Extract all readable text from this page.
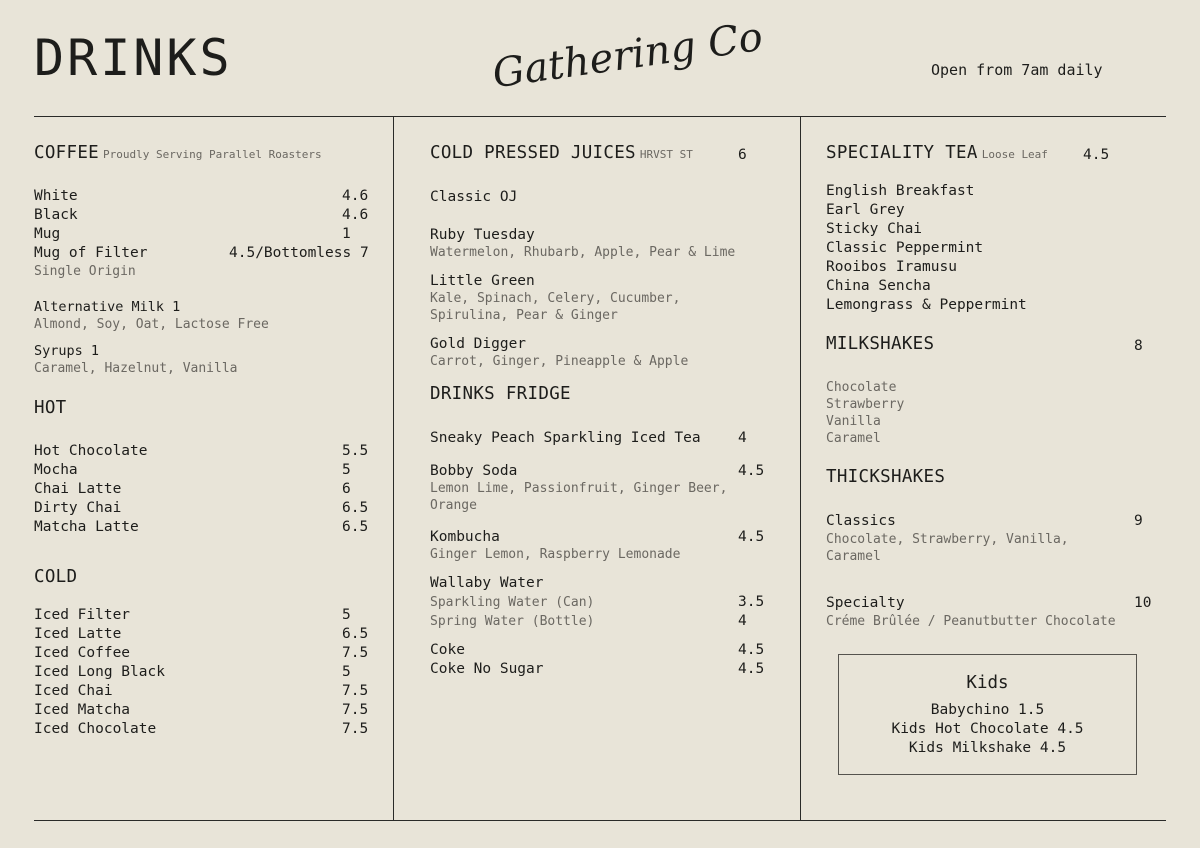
DRINKS	Gathering Co	Open from 7am daily
COFFEE Proudly Serving Parallel Roasters
White	4.6
Black	4.6
Mug	1
Mug of Filter	4.5/Bottomless 7
Single Origin
Alternative Milk 1
Almond, Soy, Oat, Lactose Free
Syrups 1
Caramel, Hazelnut, Vanilla
HOT
Hot Chocolate	5.5
Mocha	5
Chai Latte	6
Dirty Chai	6.5
Matcha Latte	6.5
COLD
Iced Filter	5
Iced Latte	6.5
Iced Coffee	7.5
Iced Long Black	5
Iced Chai	7.5
Iced Matcha	7.5
Iced Chocolate	7.5
COLD PRESSED JUICES HRVST ST	6
Classic OJ
Ruby Tuesday
Watermelon, Rhubarb, Apple, Pear & Lime
Little Green
Kale, Spinach, Celery, Cucumber,
Spirulina, Pear & Ginger
Gold Digger
Carrot, Ginger, Pineapple & Apple
DRINKS FRIDGE
Sneaky Peach Sparkling Iced Tea	4
Bobby Soda	4.5
Lemon Lime, Passionfruit, Ginger Beer,
Orange
Kombucha	4.5
Ginger Lemon, Raspberry Lemonade
Wallaby Water
Sparkling Water (Can)	3.5
Spring Water (Bottle)	4
Coke	4.5
Coke No Sugar	4.5
SPECIALITY TEA Loose Leaf 4.5
English Breakfast
Earl Grey
Sticky Chai
Classic Peppermint
Rooibos Iramusu
China Sencha
Lemongrass & Peppermint
MILKSHAKES	8
Chocolate
Strawberry
Vanilla
Caramel
THICKSHAKES
Classics	9
Chocolate, Strawberry, Vanilla,
Caramel
Specialty	10
Créme Brûlée / Peanutbutter Chocolate
Kids
Babychino 1.5
Kids Hot Chocolate 4.5
Kids Milkshake 4.5
